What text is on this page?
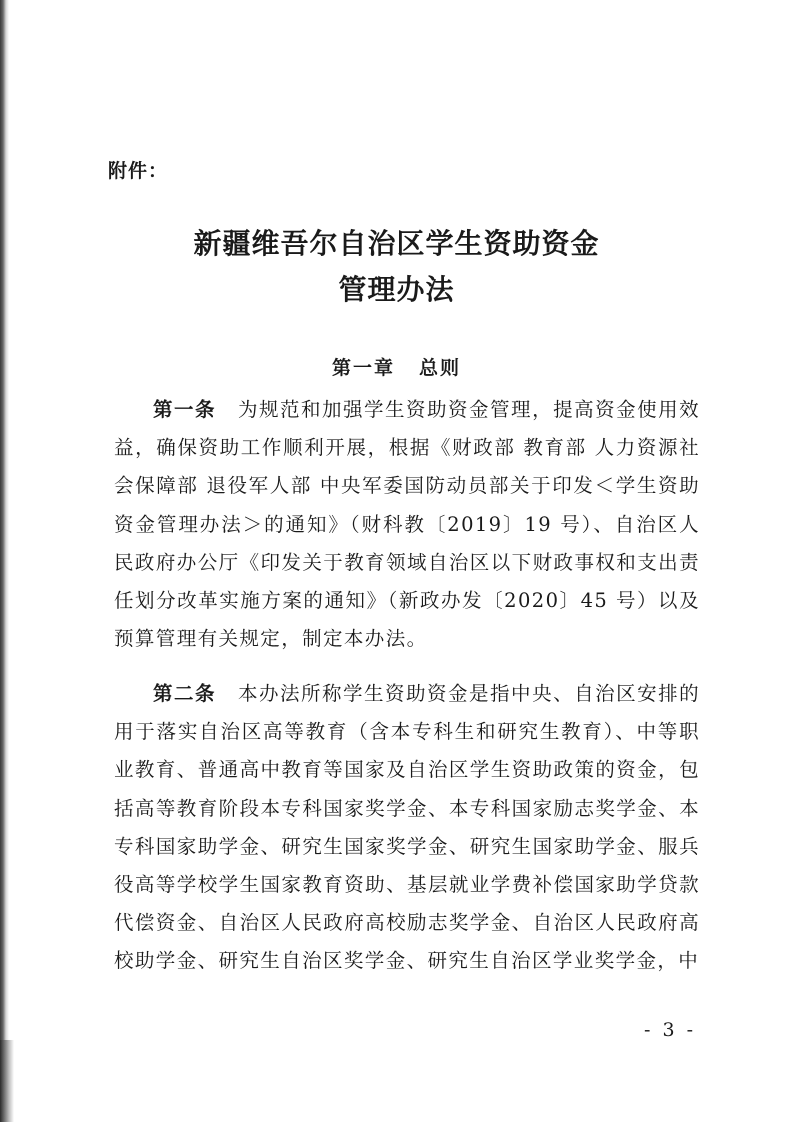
附件：
新疆维吾尔自治区学生资助资金
管理办法
第一章 总则

第一条 为规范和加强学生资助资金管理，提高资金使用效益，确保资助工作顺利开展，根据《财政部 教育部 人力资源社会保障部 退役军人部 中央军委国防动员部关于印发＜学生资助资金管理办法＞的通知》（财科教〔2019〕19 号）、自治区人民政府办公厅《印发关于教育领域自治区以下财政事权和支出责任划分改革实施方案的通知》（新政办发〔2020〕45 号）以及预算管理有关规定，制定本办法。

第二条 本办法所称学生资助资金是指中央、自治区安排的用于落实自治区高等教育（含本专科生和研究生教育）、中等职业教育、普通高中教育等国家及自治区学生资助政策的资金，包括高等教育阶段本专科国家奖学金、本专科国家励志奖学金、本专科国家助学金、研究生国家奖学金、研究生国家助学金、服兵役高等学校学生国家教育资助、基层就业学费补偿国家助学贷款代偿资金、自治区人民政府高校励志奖学金、自治区人民政府高校助学金、研究生自治区奖学金、研究生自治区学业奖学金，中

- 3 -
